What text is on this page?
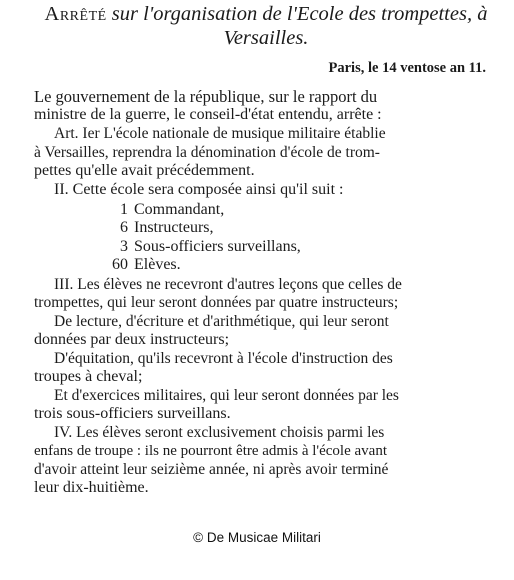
Arrêté sur l'organisation de l'Ecole des trompettes, à Versailles.
Paris, le 14 ventose an 11.
Le gouvernement de la république, sur le rapport du
ministre de la guerre, le conseil-d'état entendu, arrête :
Art. Ier L'école nationale de musique militaire établie
à Versailles, reprendra la dénomination d'école de trom-
pettes qu'elle avait précédemment.
II. Cette école sera composée ainsi qu'il suit :
1 Commandant,
6 Instructeurs,
3 Sous-officiers surveillans,
60 Elèves.
III. Les élèves ne recevront d'autres leçons que celles de
trompettes, qui leur seront données par quatre instructeurs;
De lecture, d'écriture et d'arithmétique, qui leur seront
données par deux instructeurs;
D'équitation, qu'ils recevront à l'école d'instruction des
troupes à cheval;
Et d'exercices militaires, qui leur seront données par les
trois sous-officiers surveillans.
IV. Les élèves seront exclusivement choisis parmi les
enfans de troupe : ils ne pourront être admis à l'école avant
d'avoir atteint leur seizième année, ni après avoir terminé
leur dix-huitième.
© De Musicae Militari
